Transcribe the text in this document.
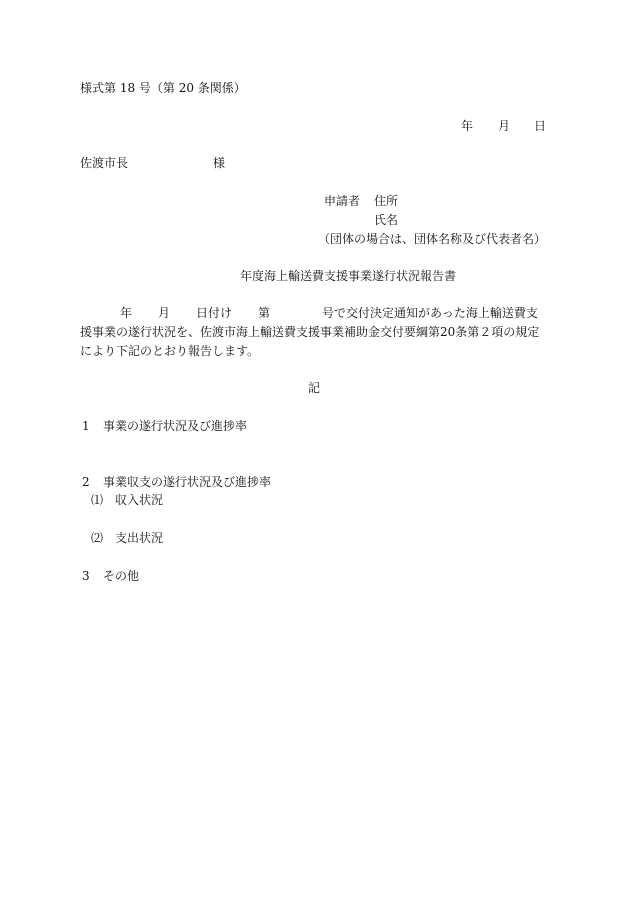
様式第 18 号（第 20 条関係）
年 月 日
佐渡市長	様
申請者 住所
氏名
（団体の場合は、団体名称及び代表者名）
年度海上輸送費支援事業遂行状況報告書
年 月 日付け 第	号で交付決定通知があった海上輸送費支
援事業の遂行状況を、佐渡市海上輸送費支援事業補助金交付要綱第20条第２項の規定
により下記のとおり報告します。
記
1 事業の遂行状況及び進捗率
2 事業収支の遂行状況及び進捗率
⑴ 収入状況
⑵ 支出状況
3 その他
